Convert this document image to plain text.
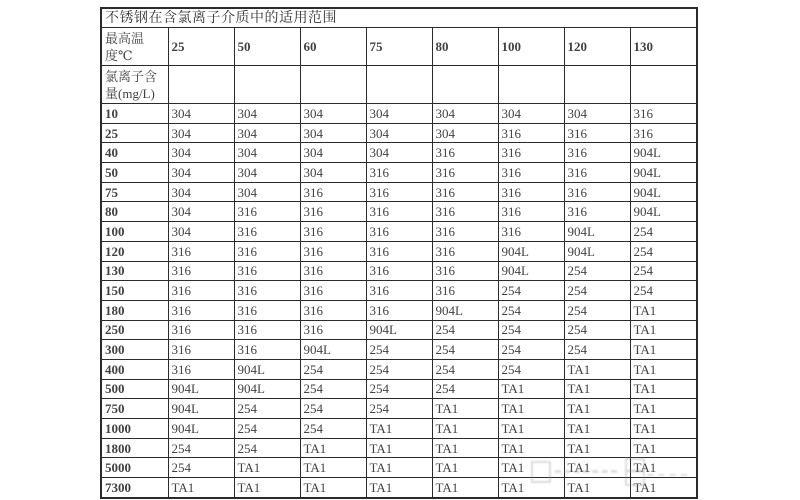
不锈钢在含氯离子介质中的适用范围								
最高温
度℃	25	50	60	75	80	100	120	130
氯离子含
量(mg/L)								
10	304	304	304	304	304	304	304	316
25	304	304	304	304	304	316	316	316
40	304	304	304	304	316	316	316	904L
50	304	304	304	316	316	316	316	904L
75	304	304	316	316	316	316	316	904L
80	304	316	316	316	316	316	316	904L
100	304	316	316	316	316	316	904L	254
120	316	316	316	316	316	904L	904L	254
130	316	316	316	316	316	904L	254	254
150	316	316	316	316	316	254	254	254
180	316	316	316	316	904L	254	254	TA1
250	316	316	316	904L	254	254	254	TA1
300	316	316	904L	254	254	254	254	TA1
400	316	904L	254	254	254	254	TA1	TA1
500	904L	904L	254	254	254	TA1	TA1	TA1
750	904L	254	254	254	TA1	TA1	TA1	TA1
1000	904L	254	254	TA1	TA1	TA1	TA1	TA1
1800	254	254	TA1	TA1	TA1	TA1	TA1	TA1
5000	254	TA1	TA1	TA1	TA1	TA1	TA1	TA1
7300	TA1	TA1	TA1	TA1	TA1	TA1	TA1	TA1
